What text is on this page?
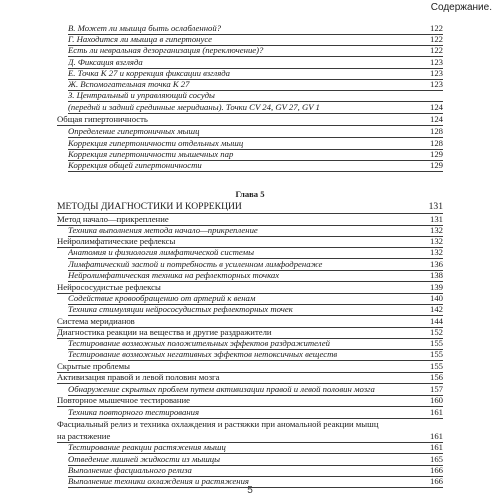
Содержание.
Глава 5
В. Может ли мышца быть ослабленной?	122
Г. Находится ли мышца в гипертонусе	122
Есть ли невральная дезорганизация (переключение)?	122
Д. Фиксация взгляда	123
Е. Точка К 27 и коррекция фиксации взгляда	123
Ж. Вспомогательная точка К 27	123
З. Центральный и управляющий сосуды
(переднй и задний срединные меридианы). Точки CV 24, GV 27, GV 1	124
Общая гипертоничность	124
Определение гипертоничных мышц	128
Коррекция гипертоничности отдельных мышц	128
Коррекция гипертоничности мышечных пар	129
Коррекция общей гипертоничности	129
МЕТОДЫ ДИАГНОСТИКИ И КОРРЕКЦИИ	131
Метод начало—прикрепление	131
Техника выполнения метода начало—прикрепление	132
Нейролимфатические рефлексы	132
Анатомия и физиология лимфатической системы	132
Лимфатический застой и потребность в усиленном лимфодренаже	136
Нейролимфатическая техника на рефлекторных точках	138
Нейрососудистые рефлексы	139
Содействие кровообращению от артерий к венам	140
Техника стимуляции нейрососудистых рефлекторных точек	142
Система меридианов	144
Диагностика реакции на вещества и другие раздражители	152
Тестирование возможных положительных эффектов раздражителей	155
Тестирование возможных негативных эффектов нетоксичных веществ	155
Скрытые проблемы	155
Активизация правой и левой половин мозга	156
Обнаружение скрытых проблем путем активизации правой и левой половин мозга	157
Повторное мышечное тестирование	160
Техника повторного тестирования	161
Фасциальный релиз и техника охлаждения и растяжки при аномальной реакции мышц
на растяжение	161
Тестирование реакции растяжения мышц	161
Отведение лишней жидкости из мышцы	165
Выполнение фасциального релиза	166
Выполнение техники охлаждения и растяжения	166
5
